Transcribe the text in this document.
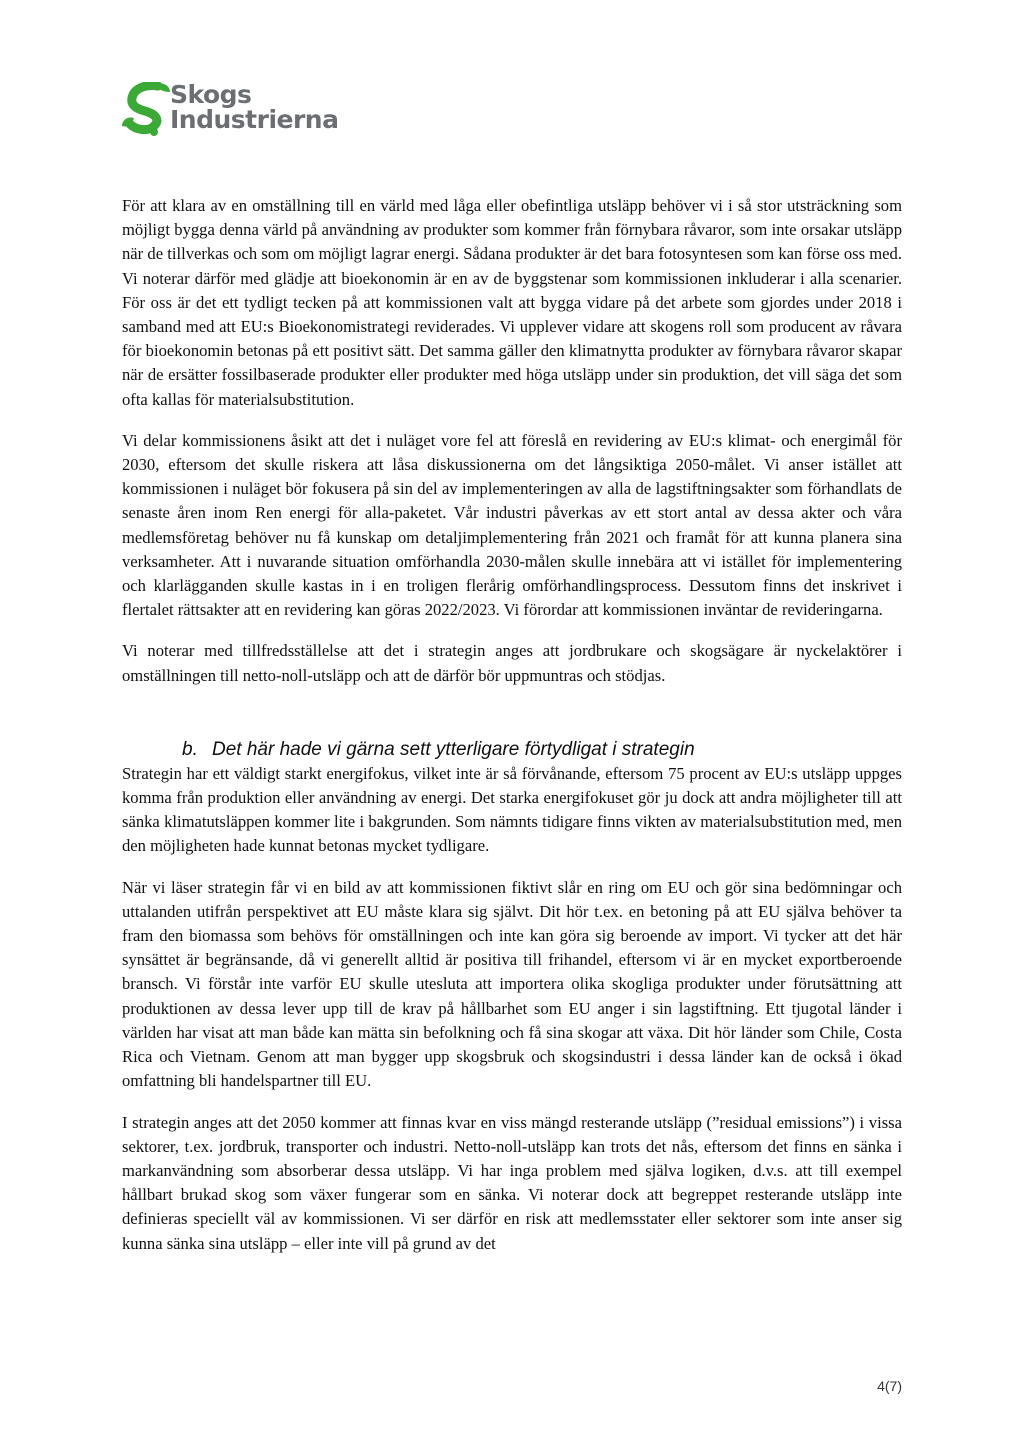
Skogs
Industrierna

För att klara av en omställning till en värld med låga eller obefintliga utsläpp behöver vi i så stor utsträckning som möjligt bygga denna värld på användning av produkter som kommer från förnybara råvaror, som inte orsakar utsläpp när de tillverkas och som om möjligt lagrar energi. Sådana produkter är det bara fotosyntesen som kan förse oss med. Vi noterar därför med glädje att bioekonomin är en av de byggstenar som kommissionen inkluderar i alla scenarier. För oss är det ett tydligt tecken på att kommissionen valt att bygga vidare på det arbete som gjordes under 2018 i samband med att EU:s Bioekonomistrategi reviderades. Vi upplever vidare att skogens roll som producent av råvara för bioekonomin betonas på ett positivt sätt. Det samma gäller den klimatnytta produkter av förnybara råvaror skapar när de ersätter fossilbaserade produkter eller produkter med höga utsläpp under sin produktion, det vill säga det som ofta kallas för materialsubstitution.

Vi delar kommissionens åsikt att det i nuläget vore fel att föreslå en revidering av EU:s klimat- och energimål för 2030, eftersom det skulle riskera att låsa diskussionerna om det långsiktiga 2050-målet. Vi anser istället att kommissionen i nuläget bör fokusera på sin del av implementeringen av alla de lagstiftningsakter som förhandlats de senaste åren inom Ren energi för alla-paketet. Vår industri påverkas av ett stort antal av dessa akter och våra medlemsföretag behöver nu få kunskap om detaljimplementering från 2021 och framåt för att kunna planera sina verksamheter. Att i nuvarande situation omförhandla 2030-målen skulle innebära att vi istället för implementering och klarlägganden skulle kastas in i en troligen flerårig omförhandlingsprocess. Dessutom finns det inskrivet i flertalet rättsakter att en revidering kan göras 2022/2023. Vi förordar att kommissionen inväntar de revideringarna.

Vi noterar med tillfredsställelse att det i strategin anges att jordbrukare och skogsägare är nyckelaktörer i omställningen till netto-noll-utsläpp och att de därför bör uppmuntras och stödjas.

b. Det här hade vi gärna sett ytterligare förtydligat i strategin

Strategin har ett väldigt starkt energifokus, vilket inte är så förvånande, eftersom 75 procent av EU:s utsläpp uppges komma från produktion eller användning av energi. Det starka energifokuset gör ju dock att andra möjligheter till att sänka klimatutsläppen kommer lite i bakgrunden. Som nämnts tidigare finns vikten av materialsubstitution med, men den möjligheten hade kunnat betonas mycket tydligare.

När vi läser strategin får vi en bild av att kommissionen fiktivt slår en ring om EU och gör sina bedömningar och uttalanden utifrån perspektivet att EU måste klara sig självt. Dit hör t.ex. en betoning på att EU själva behöver ta fram den biomassa som behövs för omställningen och inte kan göra sig beroende av import. Vi tycker att det här synsättet är begränsande, då vi generellt alltid är positiva till frihandel, eftersom vi är en mycket exportberoende bransch. Vi förstår inte varför EU skulle utesluta att importera olika skogliga produkter under förutsättning att produktionen av dessa lever upp till de krav på hållbarhet som EU anger i sin lagstiftning. Ett tjugotal länder i världen har visat att man både kan mätta sin befolkning och få sina skogar att växa. Dit hör länder som Chile, Costa Rica och Vietnam. Genom att man bygger upp skogsbruk och skogsindustri i dessa länder kan de också i ökad omfattning bli handelspartner till EU.

I strategin anges att det 2050 kommer att finnas kvar en viss mängd resterande utsläpp (”residual emissions”) i vissa sektorer, t.ex. jordbruk, transporter och industri. Netto-noll-utsläpp kan trots det nås, eftersom det finns en sänka i markanvändning som absorberar dessa utsläpp. Vi har inga problem med själva logiken, d.v.s. att till exempel hållbart brukad skog som växer fungerar som en sänka. Vi noterar dock att begreppet resterande utsläpp inte definieras speciellt väl av kommissionen. Vi ser därför en risk att medlemsstater eller sektorer som inte anser sig kunna sänka sina utsläpp – eller inte vill på grund av det

4(7)
